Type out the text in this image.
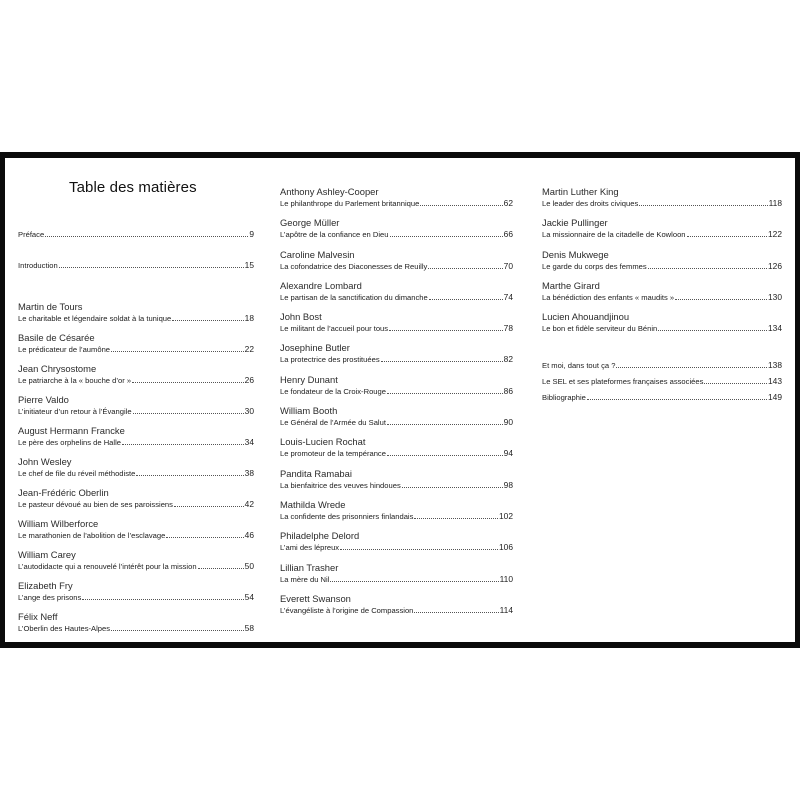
Table des matières
Préface	9
Introduction	15
Martin de Tours
Le charitable et légendaire soldat à la tunique	18
Basile de Césarée
Le prédicateur de l’aumône	22
Jean Chrysostome
Le patriarche à la « bouche d’or »	26
Pierre Valdo
L’initiateur d’un retour à l’Évangile	30
August Hermann Francke
Le père des orphelins de Halle	34
John Wesley
Le chef de file du réveil méthodiste	38
Jean-Frédéric Oberlin
Le pasteur dévoué au bien de ses paroissiens	42
William Wilberforce
Le marathonien de l’abolition de l’esclavage	46
William Carey
L’autodidacte qui a renouvelé l’intérêt pour la mission	50
Elizabeth Fry
L’ange des prisons	54
Félix Neff
L’Oberlin des Hautes-Alpes	58
Anthony Ashley-Cooper
Le philanthrope du Parlement britannique	62
George Müller
L’apôtre de la confiance en Dieu	66
Caroline Malvesin
La cofondatrice des Diaconesses de Reuilly	70
Alexandre Lombard
Le partisan de la sanctification du dimanche	74
John Bost
Le militant de l’accueil pour tous	78
Josephine Butler
La protectrice des prostituées	82
Henry Dunant
Le fondateur de la Croix-Rouge	86
William Booth
Le Général de l’Armée du Salut	90
Louis-Lucien Rochat
Le promoteur de la tempérance	94
Pandita Ramabai
La bienfaitrice des veuves hindoues	98
Mathilda Wrede
La confidente des prisonniers finlandais	102
Philadelphe Delord
L’ami des lépreux	106
Lillian Trasher
La mère du Nil	110
Everett Swanson
L’évangéliste à l’origine de Compassion	114
Martin Luther King
Le leader des droits civiques	118
Jackie Pullinger
La missionnaire de la citadelle de Kowloon	122
Denis Mukwege
Le garde du corps des femmes	126
Marthe Girard
La bénédiction des enfants « maudits »	130
Lucien Ahouandjinou
Le bon et fidèle serviteur du Bénin	134
Et moi, dans tout ça ?	138
Le SEL et ses plateformes françaises associées	143
Bibliographie	149
